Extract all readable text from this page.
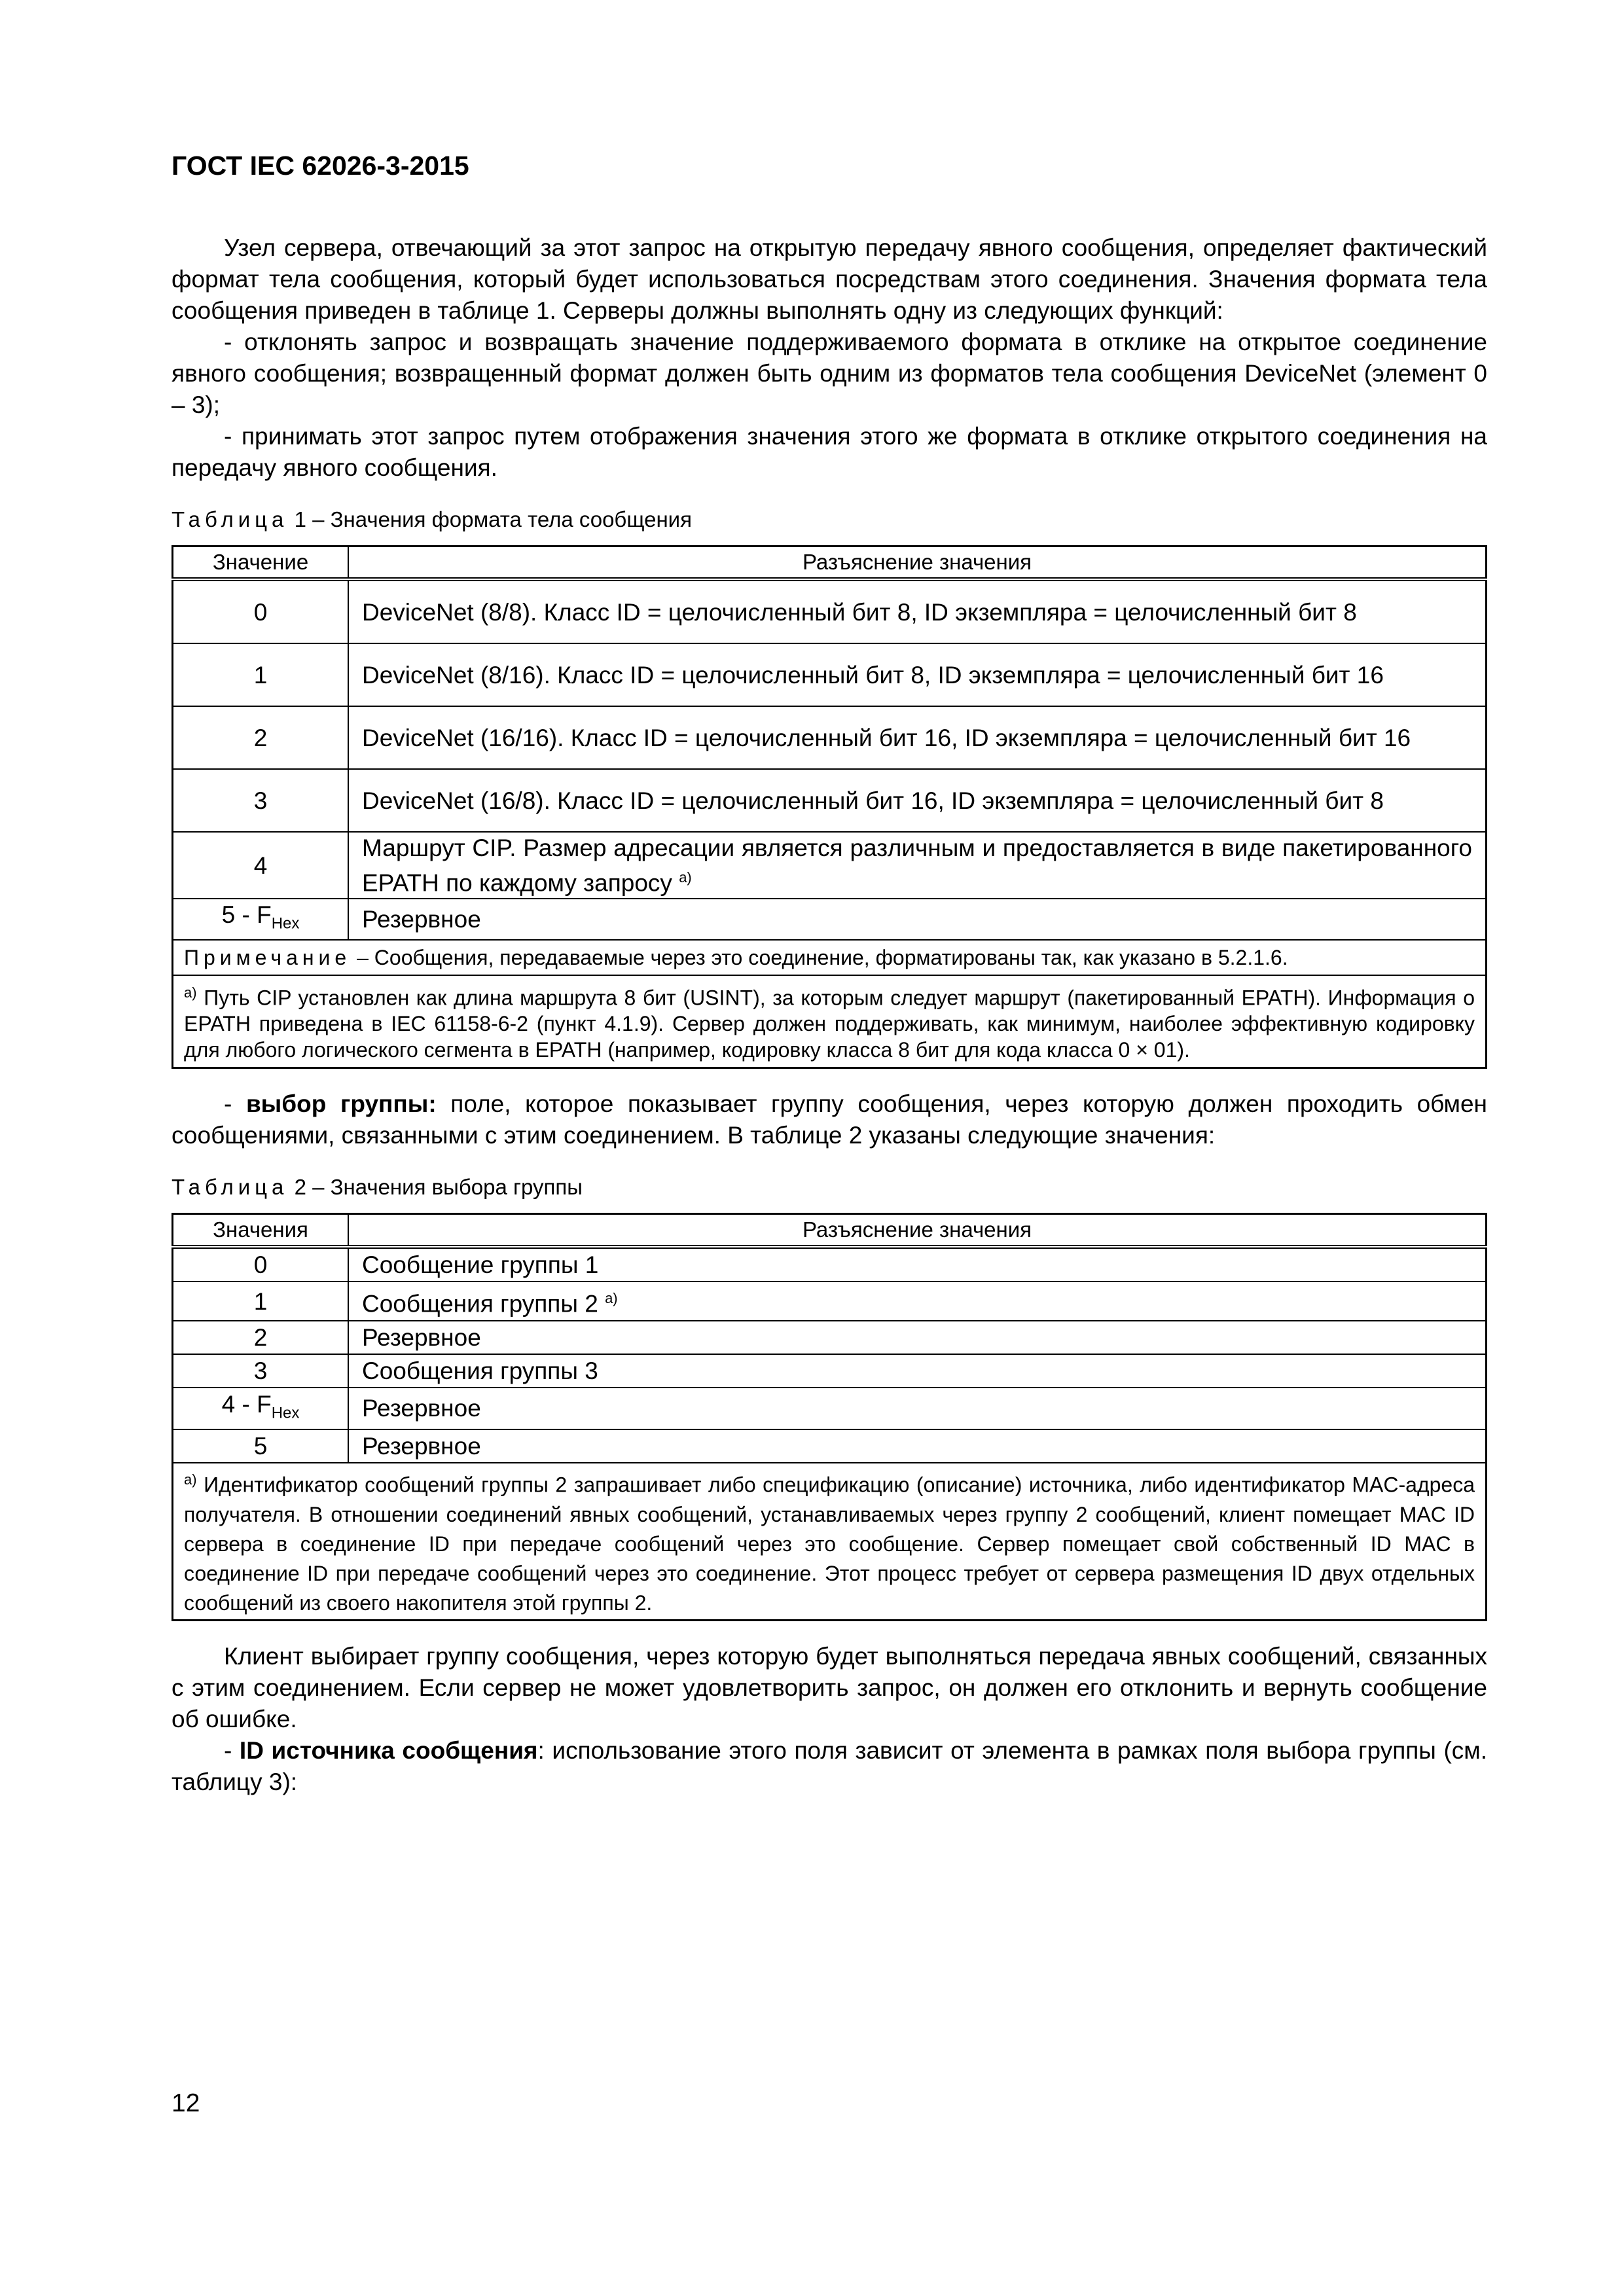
ГОСТ IEC 62026-3-2015

Узел сервера, отвечающий за этот запрос на открытую передачу явного сообщения, определяет фактический формат тела сообщения, который будет использоваться посредствам этого соединения. Значения формата тела сообщения приведен в таблице 1. Серверы должны выполнять одну из следующих функций:

- отклонять запрос и возвращать значение поддерживаемого формата в отклике на открытое соединение явного сообщения; возвращенный формат должен быть одним из форматов тела сообщения DeviceNet (элемент 0 – 3);

- принимать этот запрос путем отображения значения этого же формата в отклике открытого соединения на передачу явного сообщения.

Таблица 1 – Значения формата тела сообщения
Значение	Разъяснение значения
0	DeviceNet (8/8). Класс ID = целочисленный бит 8, ID экземпляра = целочисленный бит 8
1	DeviceNet (8/16). Класс ID = целочисленный бит 8, ID экземпляра = целочисленный бит 16
2	DeviceNet (16/16). Класс ID = целочисленный бит 16, ID экземпляра = целочисленный бит 16
3	DeviceNet (16/8). Класс ID = целочисленный бит 16, ID экземпляра = целочисленный бит 8
4	Маршрут CIP. Размер адресации является различным и предоставляется в виде пакетированного EPATH по каждому запросу $^{а)}$
$5 - F_{Hex}$	Резервное
Примечание – Сообщения, передаваемые через это соединение, форматированы так, как указано в 5.2.1.6.	
$^{а)}$ Путь CIP установлен как длина маршрута 8 бит (USINT), за которым следует маршрут (пакетированный EPATH). Информация о EPATH приведена в IEC 61158-6-2 (пункт 4.1.9). Сервер должен поддерживать, как минимум, наиболее эффективную кодировку для любого логического сегмента в EPATH (например, кодировку класса 8 бит для кода класса 0 × 01).	

- выбор группы: поле, которое показывает группу сообщения, через которую должен проходить обмен сообщениями, связанными с этим соединением. В таблице 2 указаны следующие значения:

Таблица 2 – Значения выбора группы
Значения	Разъяснение значения
0	Сообщение группы 1
1	Сообщения группы 2 $^{а)}$
2	Резервное
3	Сообщения группы 3
$4 - F_{Hex}$	Резервное
5	Резервное
$^{а)}$ Идентификатор сообщений группы 2 запрашивает либо спецификацию (описание) источника, либо идентификатор MAC-адреса получателя. В отношении соединений явных сообщений, устанавливаемых через группу 2 сообщений, клиент помещает MAC ID сервера в соединение ID при передаче сообщений через это сообщение. Сервер помещает свой собственный ID MAC в соединение ID при передаче сообщений через это соединение. Этот процесс требует от сервера размещения ID двух отдельных сообщений из своего накопителя этой группы 2.	

Клиент выбирает группу сообщения, через которую будет выполняться передача явных сообщений, связанных с этим соединением. Если сервер не может удовлетворить запрос, он должен его отклонить и вернуть сообщение об ошибке.

- ID источника сообщения: использование этого поля зависит от элемента в рамках поля выбора группы (см. таблицу 3):

12
